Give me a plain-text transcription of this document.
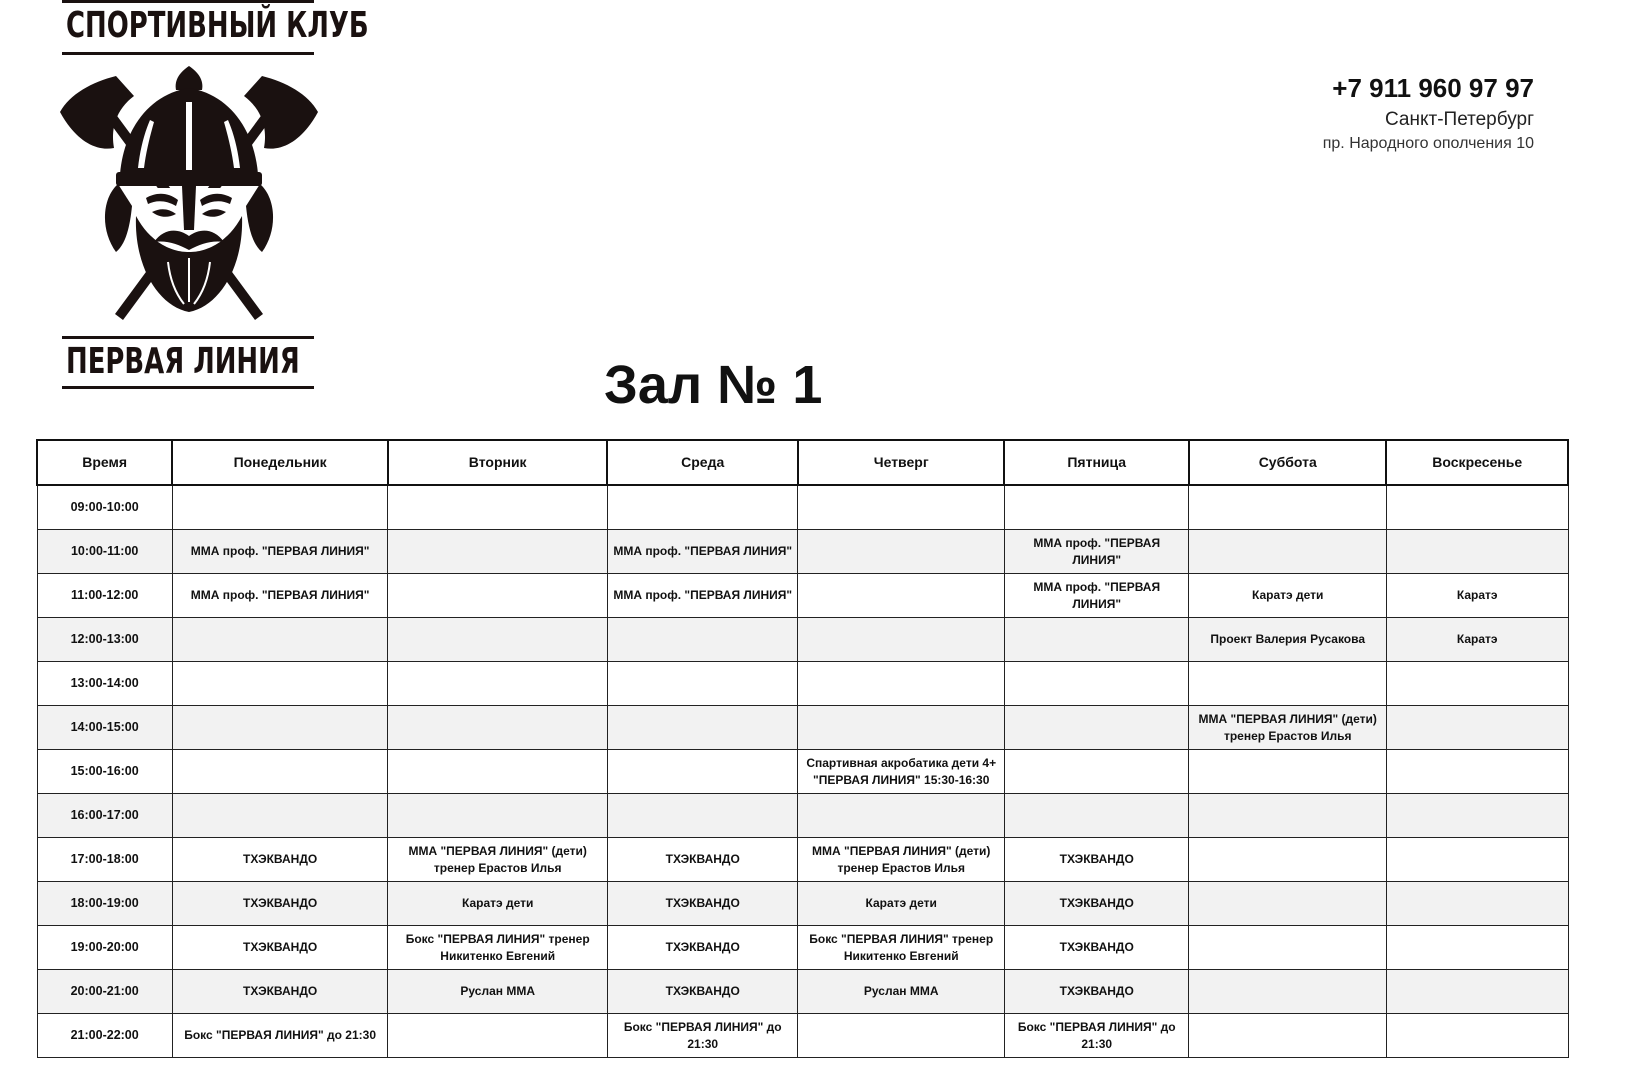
СПОРТИВНЫЙ КЛУБ
ПЕРВАЯ ЛИНИЯ
+7 911 960 97 97
Санкт-Петербург
пр. Народного ополчения 10
Зал № 1
Время	Понедельник	Вторник	Среда	Четверг	Пятница	Суббота	Воскресенье
09:00-10:00							
10:00-11:00	ММА проф. "ПЕРВАЯ ЛИНИЯ"		ММА проф. "ПЕРВАЯ ЛИНИЯ"		ММА проф. "ПЕРВАЯ ЛИНИЯ"		
11:00-12:00	ММА проф. "ПЕРВАЯ ЛИНИЯ"		ММА проф. "ПЕРВАЯ ЛИНИЯ"		ММА проф. "ПЕРВАЯ ЛИНИЯ"	Каратэ дети	Каратэ
12:00-13:00						Проект Валерия Русакова	Каратэ
13:00-14:00							
14:00-15:00						ММА "ПЕРВАЯ ЛИНИЯ" (дети) тренер Ерастов Илья	
15:00-16:00				Спартивная акробатика дети 4+ "ПЕРВАЯ ЛИНИЯ" 15:30-16:30			
16:00-17:00							
17:00-18:00	ТХЭКВАНДО	ММА "ПЕРВАЯ ЛИНИЯ" (дети) тренер Ерастов Илья	ТХЭКВАНДО	ММА "ПЕРВАЯ ЛИНИЯ" (дети) тренер Ерастов Илья	ТХЭКВАНДО		
18:00-19:00	ТХЭКВАНДО	Каратэ дети	ТХЭКВАНДО	Каратэ дети	ТХЭКВАНДО		
19:00-20:00	ТХЭКВАНДО	Бокс "ПЕРВАЯ ЛИНИЯ" тренер Никитенко Евгений	ТХЭКВАНДО	Бокс "ПЕРВАЯ ЛИНИЯ" тренер Никитенко Евгений	ТХЭКВАНДО		
20:00-21:00	ТХЭКВАНДО	Руслан ММА	ТХЭКВАНДО	Руслан ММА	ТХЭКВАНДО		
21:00-22:00	Бокс "ПЕРВАЯ ЛИНИЯ" до 21:30		Бокс "ПЕРВАЯ ЛИНИЯ" до 21:30		Бокс "ПЕРВАЯ ЛИНИЯ" до 21:30		
